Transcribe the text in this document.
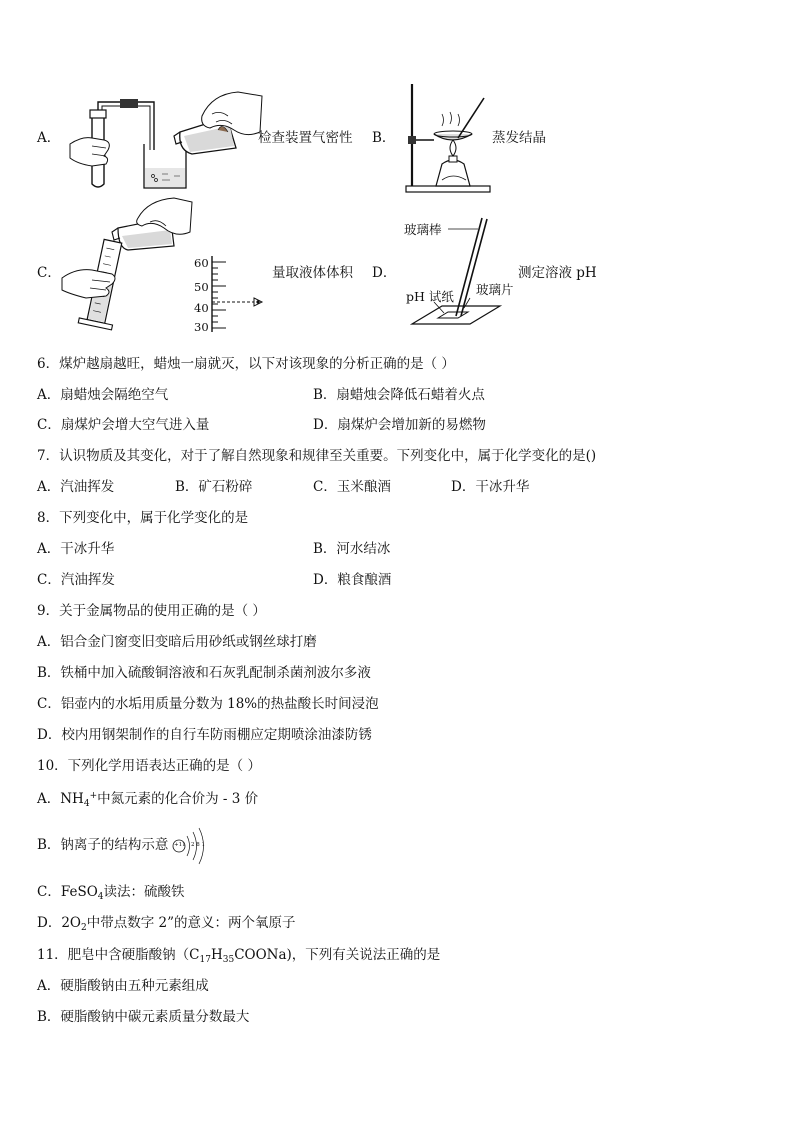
A．	检查装置气密性 B．	蒸发结晶
C．
60
50
40
30
量取液体体积 D．
玻璃棒
pH 试纸 玻璃片
测定溶液 pH
6．煤炉越扇越旺，蜡烛一扇就灭，以下对该现象的分析正确的是（ ）
A．扇蜡烛会隔绝空气	B．扇蜡烛会降低石蜡着火点
C．扇煤炉会增大空气进入量	D．扇煤炉会增加新的易燃物
7．认识物质及其变化，对于了解自然现象和规律至关重要。下列变化中，属于化学变化的是()
A．汽油挥发	B．矿石粉碎	C．玉米酿酒	D．干冰升华
8．下列变化中，属于化学变化的是
A．干冰升华	B．河水结冰
C．汽油挥发	D．粮食酿酒
9．关于金属物品的使用正确的是（ ）
A．铝合金门窗变旧变暗后用砂纸或钢丝球打磨
B．铁桶中加入硫酸铜溶液和石灰乳配制杀菌剂波尔多液
C．铝壶内的水垢用质量分数为 18%的热盐酸长时间浸泡
D．校内用钢架制作的自行车防雨棚应定期喷涂油漆防锈
10．下列化学用语表达正确的是（ ）
A．$NH_4^+$中氮元素的化合价为 - 3 价
B．钠离子的结构示意 +11 2 8 1
C．FeSO$_4$读法：硫酸铁
D．$2O_2$中带点数字 2”的意义：两个氧原子
11．肥皂中含硬脂酸钠$(C_{17}H_{35}COONa)$，下列有关说法正确的是
A．硬脂酸钠由五种元素组成
B．硬脂酸钠中碳元素质量分数最大
